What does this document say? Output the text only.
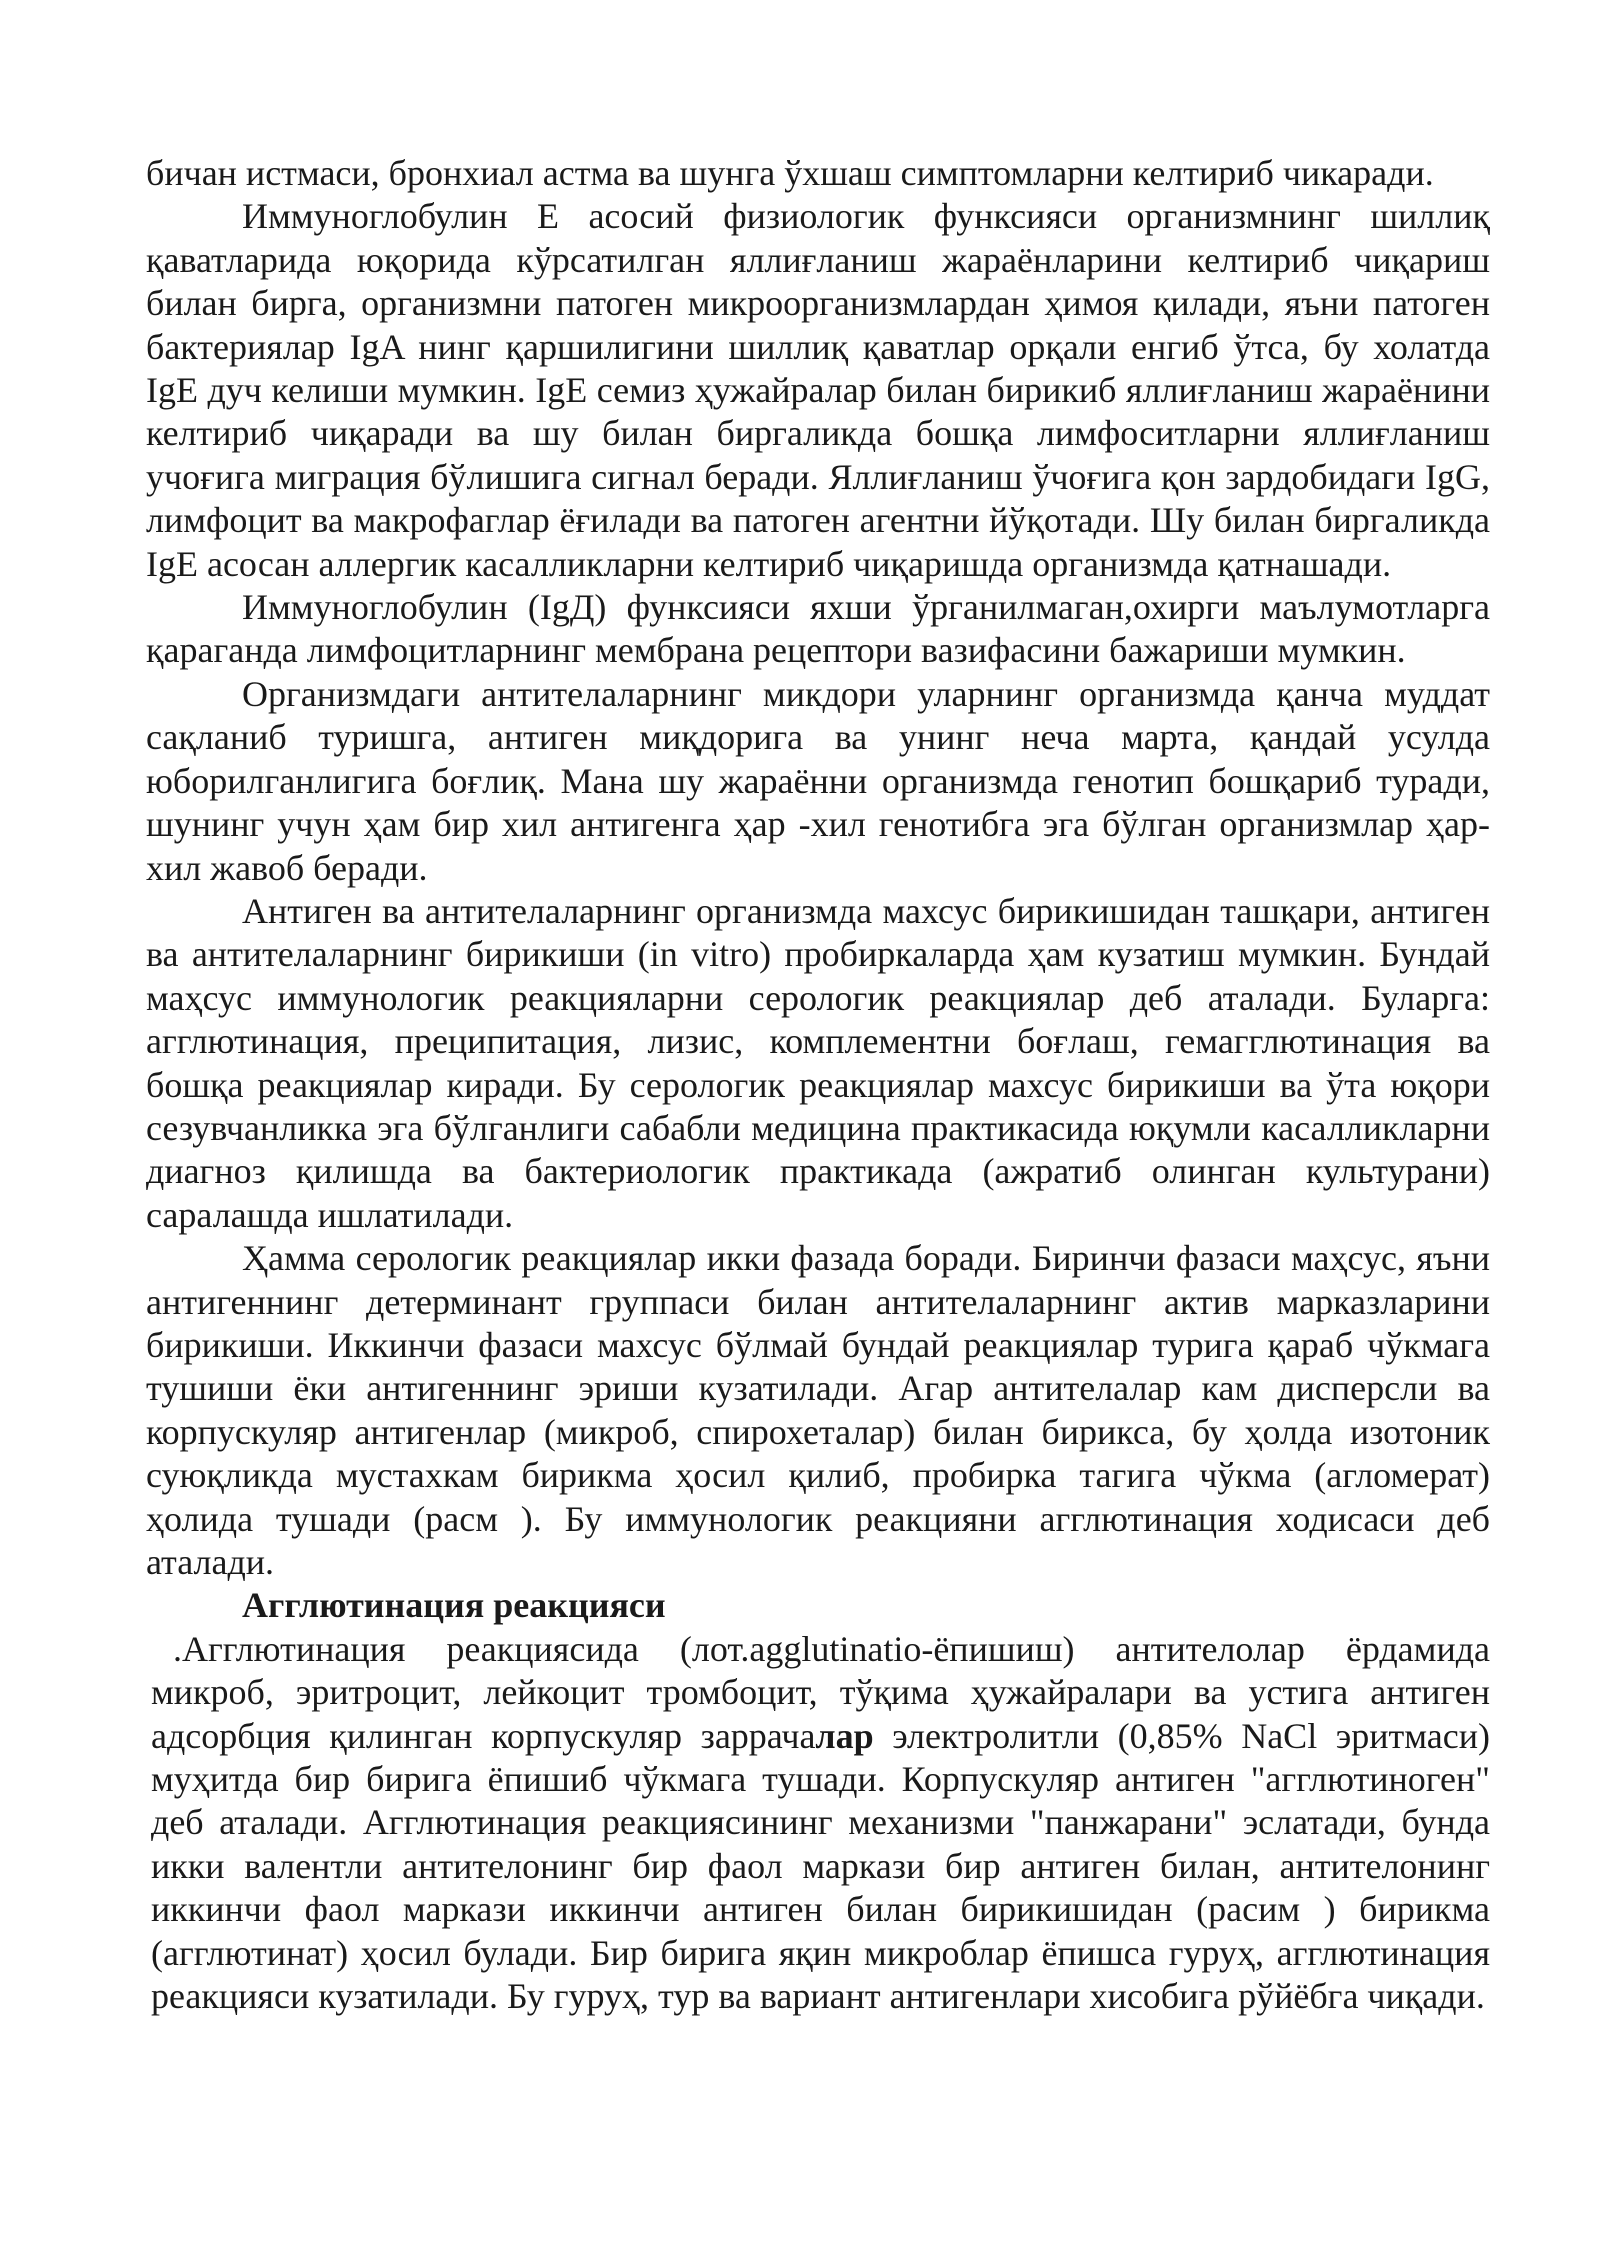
бичан истмаси, бронхиал астма ва шунга ўхшаш симптомларни келтириб чикаради.

Иммуноглобулин Е асосий физиологик функсияси организмнинг шиллиқ қаватларида юқорида кўрсатилган яллиғланиш жараёнларини келтириб чиқариш билан бирга, организмни патоген микроорганизмлардан ҳимоя қилади, яъни патоген бактериялар IgA нинг қаршилигини шиллиқ қаватлар орқали енгиб ўтса, бу холатда IgE дуч келиши мумкин. IgE семиз ҳужайралар билан бирикиб яллиғланиш жараёнини келтириб чиқаради ва шу билан биргаликда бошқа лимфоситларни яллиғланиш учоғига миграция бўлишига сигнал беради. Яллиғланиш ўчоғига қон зардобидаги IgG, лимфоцит ва макрофаглар ёғилади ва патоген агентни йўқотади. Шу билан биргаликда IgE асосан аллергик касалликларни келтириб чиқаришда организмда қатнашади.

Иммуноглобулин (IgД) функсияси яхши ўрганилмаган,охирги маълумотларга қараганда лимфоцитларнинг мембрана рецептори вазифасини бажариши мумкин.

Организмдаги антителаларнинг микдори уларнинг организмда қанча муддат сақланиб туришга, антиген миқдорига ва унинг неча марта, қандай усулда юборилганлигига боғлиқ. Мана шу жараённи организмда генотип бошқариб туради, шунинг учун ҳам бир хил антигенга ҳар -хил генотибга эга бўлган организмлар ҳар- хил жавоб беради.

Антиген ва антителаларнинг организмда махсус бирикишидан ташқари, антиген ва антителаларнинг бирикиши (in vitro) пробиркаларда ҳам кузатиш мумкин. Бундай маҳсус иммунологик реакцияларни серологик реакциялар деб аталади. Буларга: агглютинация, преципитация, лизис, комплементни боғлаш, гемагглютинация ва бошқа реакциялар киради. Бу серологик реакциялар махсус бирикиши ва ўта юқори сезувчанликка эга бўлганлиги сабабли медицина практикасида юқумли касалликларни диагноз қилишда ва бактериологик практикада (ажратиб олинган культурани) саралашда ишлатилади.

Ҳамма серологик реакциялар икки фазада боради. Биринчи фазаси маҳсус, яъни антигеннинг детерминант группаси билан антителаларнинг актив марказларини бирикиши. Иккинчи фазаси махсус бўлмай бундай реакциялар турига қараб чўкмага тушиши ёки антигеннинг эриши кузатилади. Агар антителалар кам дисперсли ва корпускуляр антигенлар (микроб, спирохеталар) билан бирикса, бу ҳолда изотоник суюқликда мустахкам бирикма ҳосил қилиб, пробирка тагига чўкма (агломерат) ҳолида тушади (расм ). Бу иммунологик реакцияни агглютинация ходисаси деб аталади.

Агглютинация реакцияси

.Агглютинация реакциясида (лот.agglutinatio-ёпишиш) антителолар ёрдамида микроб, эритроцит, лейкоцит тромбоцит, тўқима ҳужайралари ва устига антиген адсорбция қилинган корпускуляр заррачалар электролитли (0,85% NaCl эритмаси) муҳитда бир бирига ёпишиб чўкмага тушади. Корпускуляр антиген "агглютиноген" деб аталади. Агглютинация реакциясининг механизми "панжарани" эслатади, бунда икки валентли антителонинг бир фаол маркази бир антиген билан, антителонинг иккинчи фаол маркази иккинчи антиген билан бирикишидан (расим ) бирикма (агглютинат) ҳосил булади. Бир бирига яқин микроблар ёпишса гуруҳ, агглютинация реакцияси кузатилади. Бу гуруҳ, тур ва вариант антигенлари хисобига рўйёбга чиқади.
